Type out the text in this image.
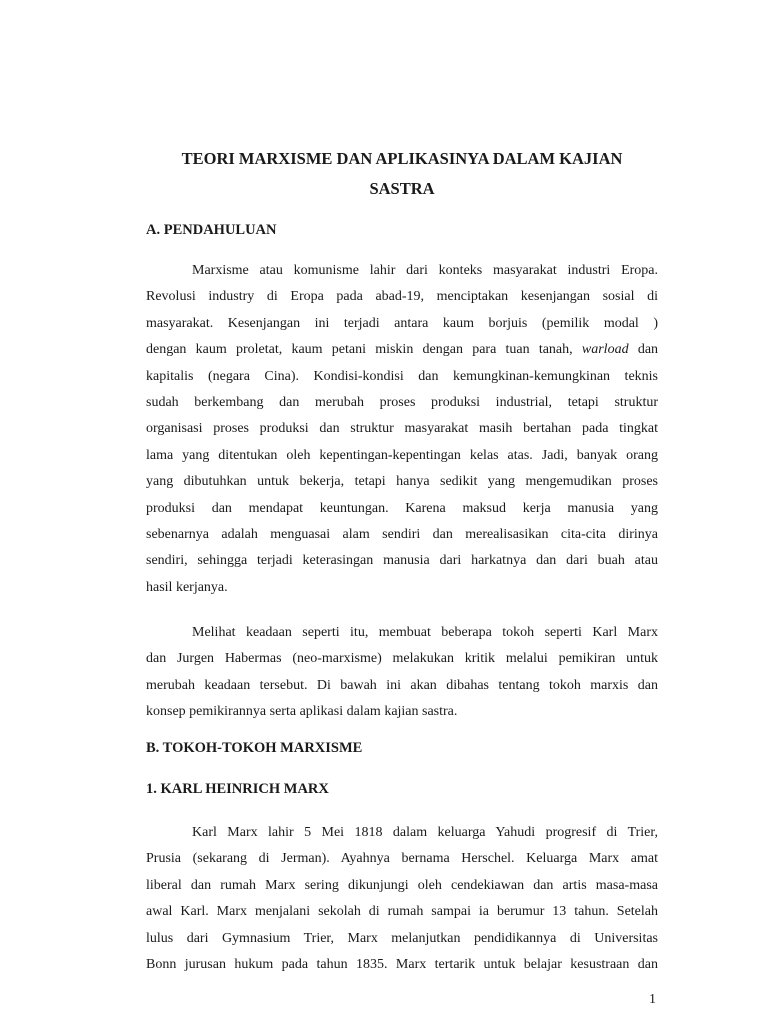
TEORI MARXISME DAN APLIKASINYA DALAM KAJIAN
SASTRA
A. PENDAHULUAN
Marxisme atau komunisme lahir dari konteks masyarakat industri Eropa.
Revolusi industry di Eropa pada abad-19, menciptakan kesenjangan sosial di
masyarakat. Kesenjangan ini terjadi antara kaum borjuis (pemilik modal )
dengan kaum proletat, kaum petani miskin dengan para tuan tanah, warload dan
kapitalis (negara Cina). Kondisi-kondisi dan kemungkinan-kemungkinan teknis
sudah berkembang dan merubah proses produksi industrial, tetapi struktur
organisasi proses produksi dan struktur masyarakat masih bertahan pada tingkat
lama yang ditentukan oleh kepentingan-kepentingan kelas atas. Jadi, banyak orang
yang dibutuhkan untuk bekerja, tetapi hanya sedikit yang mengemudikan proses
produksi dan mendapat keuntungan. Karena maksud kerja manusia yang
sebenarnya adalah menguasai alam sendiri dan merealisasikan cita-cita dirinya
sendiri, sehingga terjadi keterasingan manusia dari harkatnya dan dari buah atau
hasil kerjanya.
Melihat keadaan seperti itu, membuat beberapa tokoh seperti Karl Marx
dan Jurgen Habermas (neo-marxisme) melakukan kritik melalui pemikiran untuk
merubah keadaan tersebut. Di bawah ini akan dibahas tentang tokoh marxis dan
konsep pemikirannya serta aplikasi dalam kajian sastra.
B. TOKOH-TOKOH MARXISME
1. KARL HEINRICH MARX
Karl Marx lahir 5 Mei 1818 dalam keluarga Yahudi progresif di Trier,
Prusia (sekarang di Jerman). Ayahnya bernama Herschel. Keluarga Marx amat
liberal dan rumah Marx sering dikunjungi oleh cendekiawan dan artis masa-masa
awal Karl. Marx menjalani sekolah di rumah sampai ia berumur 13 tahun. Setelah
lulus dari Gymnasium Trier, Marx melanjutkan pendidikannya di Universitas
Bonn jurusan hukum pada tahun 1835. Marx tertarik untuk belajar kesustraan dan
1
